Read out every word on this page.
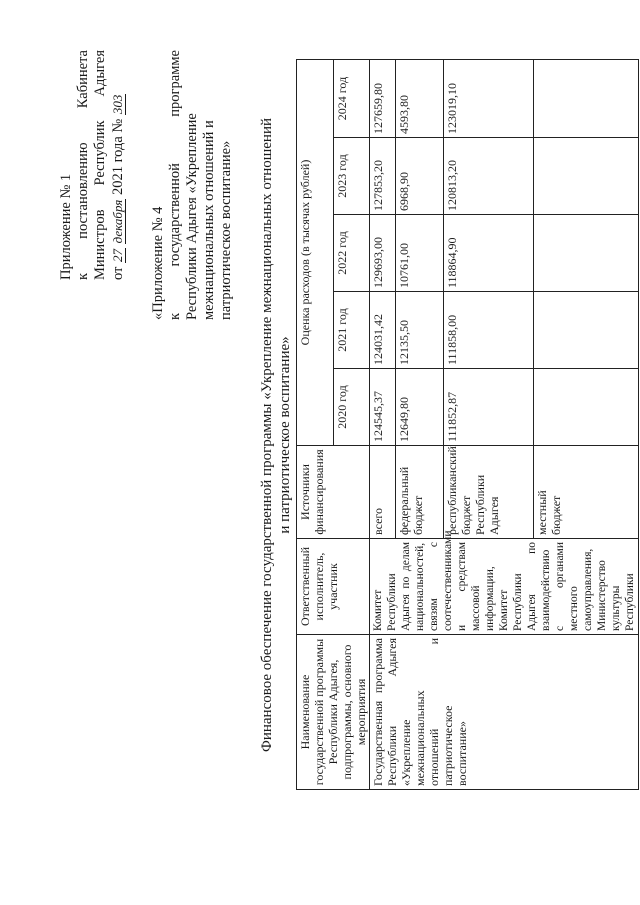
Приложение № 1 к
постановлению
Кабинета
Министров
Республик
Адыгея
от 27 декабря 2021 года № 303
«Приложение № 4 к
государственной
программе
Республики Адыгея «Укрепление межнациональных отношений и патриотическое воспитание» Финансовое обеспечение государственной программы «Укрепление межнациональных отношений и патриотическое воспитание»
Наименование государственной программы Республики Адыгея, подпрограммы, основного мероприятия	Ответственный исполнитель, участник	Источники финансирования	Оценка расходов (в тысячах рублей)				
			2020 год	2021 год	2022 год	2023 год	2024 год
Государственная программа Республики Адыгея «Укрепление межнациональных отношений и патриотическое воспитание»	Комитет Республики Адыгея по делам национальностей, связям с соотечественниками и средствам массовой информации, Комитет Республики Адыгея по взаимодействию с органами местного самоуправления, Министерство культуры Республики	всего	124545,37	124031,42	129693,00	127853,20	127659,80
		федеральный бюджет	12649,80	12135,50	10761,00	6968,90	4593,80
		республиканский бюджет Республики Адыгея	111852,87	111858,00	118864,90	120813,20	123019,10
		местный бюджет					
